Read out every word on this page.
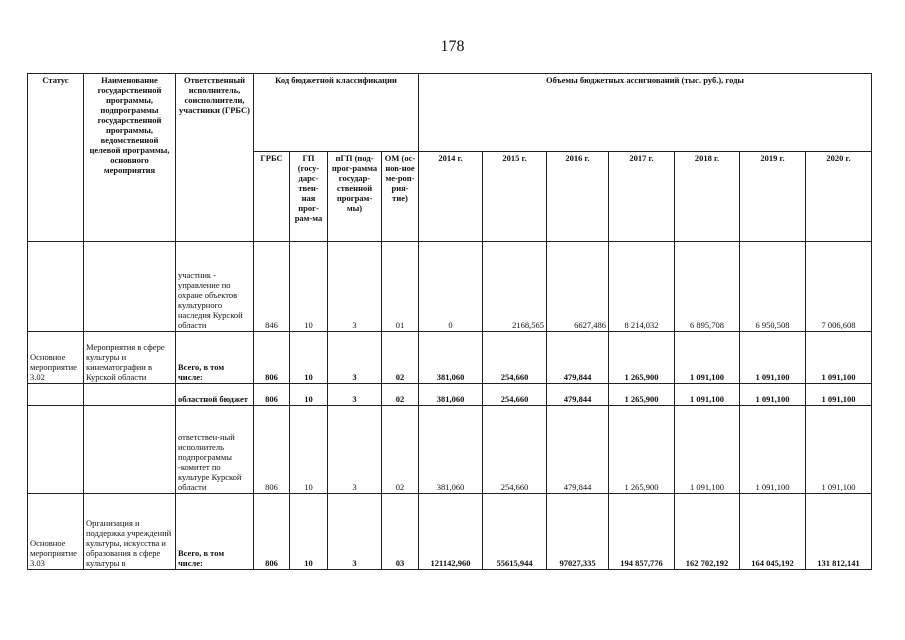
178
Статус	Наименование государственной программы, подпрограммы государственной программы, ведомственной целевой программы, основного мероприятия	Ответственный исполнитель, соисполнители, участники (ГРБС)	Код бюджетной классификации				Объемы бюджетных ассигнований (тыс. руб.), годы						
			ГРБС	ГП (госу-дарс-твен-ная прог-рам-ма	пГП (под-прог-рамма государ-ственной програм-мы)	ОМ (ос-нов-ное ме-роп-рия-тие)	2014 г.	2015 г.	2016 г.	2017 г.	2018 г.	2019 г.	2020 г.
		участник - управление по охране объектов культурного наследия Курской области	846	10	3	01	0	2168,565	6627,486	8 214,032	6 895,708	6 950,508	7 006,608
Основное мероприятие 3.02	Мероприятия в сфере культуры и кинематографии в Курской области	Всего, в том числе:	806	10	3	02	381,060	254,660	479,844	1 265,900	1 091,100	1 091,100	1 091,100
		областной бюджет	806	10	3	02	381,060	254,660	479,844	1 265,900	1 091,100	1 091,100	1 091,100
		ответствен-ный исполнитель подпрограммы -комитет по культуре Курской области	806	10	3	02	381,060	254,660	479,844	1 265,900	1 091,100	1 091,100	1 091,100
Основное мероприятие 3.03	Организация и поддержка учреждений культуры, искусства и образования в сфере культуры в	Всего, в том числе:	806	10	3	03	121142,960	55615,944	97027,335	194 857,776	162 702,192	164 045,192	131 812,141
